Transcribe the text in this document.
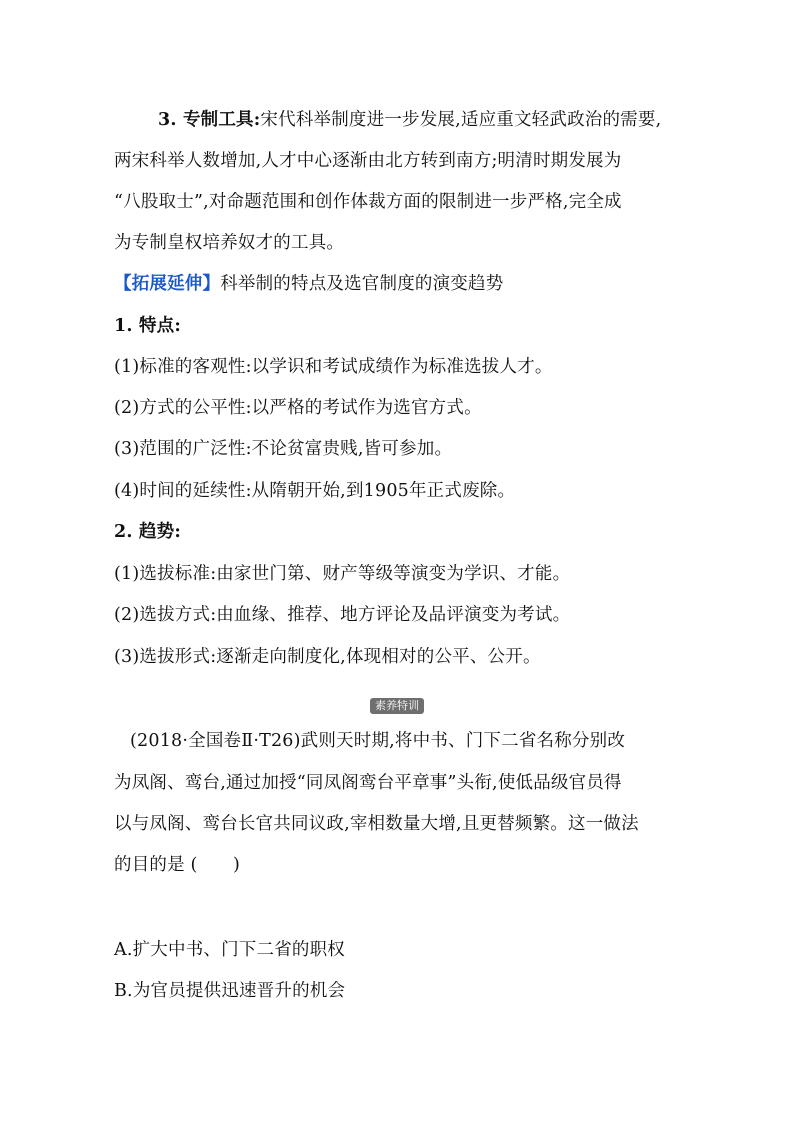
3. 专制工具:宋代科举制度进一步发展,适应重文轻武政治的需要,
两宋科举人数增加,人才中心逐渐由北方转到南方;明清时期发展为
“八股取士”,对命题范围和创作体裁方面的限制进一步严格,完全成
为专制皇权培养奴才的工具。
【拓展延伸】科举制的特点及选官制度的演变趋势
1. 特点:
(1)标准的客观性:以学识和考试成绩作为标准选拔人才。
(2)方式的公平性:以严格的考试作为选官方式。
(3)范围的广泛性:不论贫富贵贱,皆可参加。
(4)时间的延续性:从隋朝开始,到1905年正式废除。
2. 趋势:
(1)选拔标准:由家世门第、财产等级等演变为学识、才能。
(2)选拔方式:由血缘、推荐、地方评论及品评演变为考试。
(3)选拔形式:逐渐走向制度化,体现相对的公平、公开。
素养特训
(2018·全国卷Ⅱ·T26)武则天时期,将中书、门下二省名称分别改
为凤阁、鸾台,通过加授“同凤阁鸾台平章事”头衔,使低品级官员得
以与凤阁、鸾台长官共同议政,宰相数量大增,且更替频繁。这一做法
的目的是 (　　)
A.扩大中书、门下二省的职权
B.为官员提供迅速晋升的机会
